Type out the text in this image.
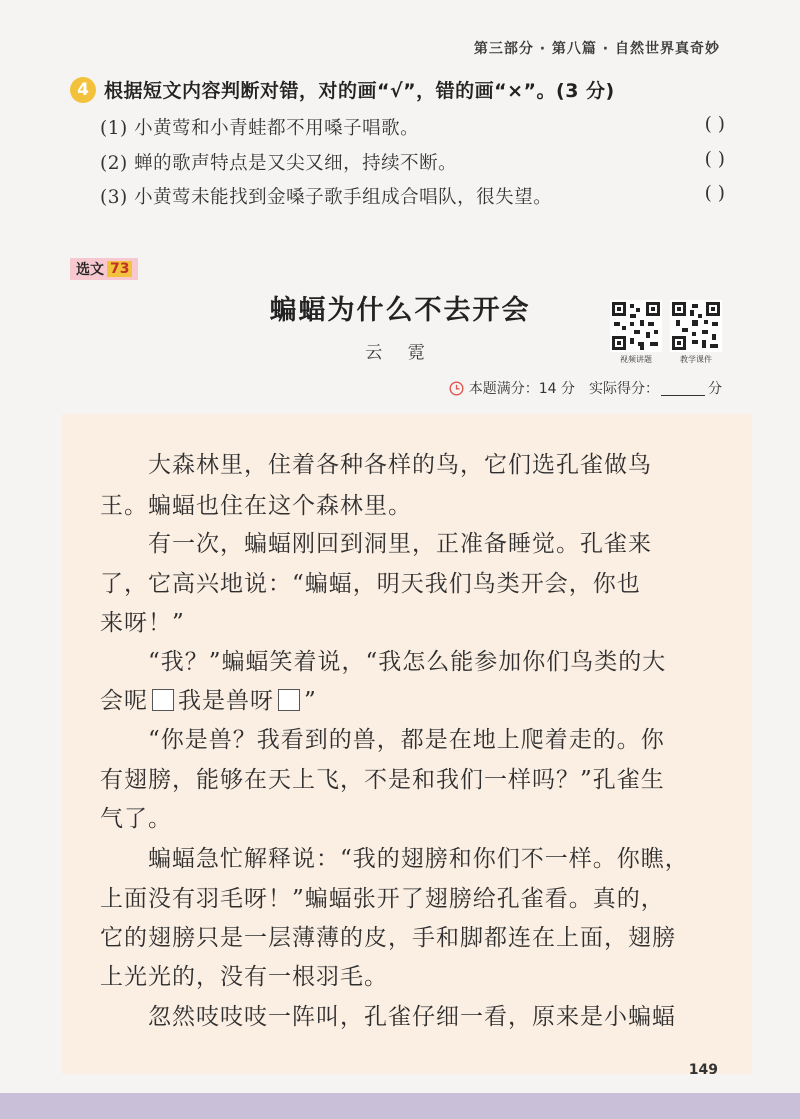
第三部分 · 第八篇 · 自然世界真奇妙
4 根据短文内容判断对错，对的画“√”，错的画“×”。(3 分)
(1) 小黄莺和小青蛙都不用嗓子唱歌。	( )
(2) 蝉的歌声特点是又尖又细，持续不断。	( )
(3) 小黄莺未能找到金嗓子歌手组成合唱队，很失望。	( )
选文 73
蝙蝠为什么不去开会
云 霓	视频讲题	教学课件
本题满分：14 分 实际得分：	分
大森林里，住着各种各样的鸟，它们选孔雀做鸟
王。蝙蝠也住在这个森林里。
有一次，蝙蝠刚回到洞里，正准备睡觉。孔雀来
了，它高兴地说：“蝙蝠，明天我们鸟类开会，你也
来呀！”
“我？”蝙蝠笑着说，“我怎么能参加你们鸟类的大
会呢 我是兽呀 ”
“你是兽？我看到的兽，都是在地上爬着走的。你
有翅膀，能够在天上飞，不是和我们一样吗？”孔雀生
气了。
蝙蝠急忙解释说：“我的翅膀和你们不一样。你瞧，
上面没有羽毛呀！”蝙蝠张开了翅膀给孔雀看。真的，
它的翅膀只是一层薄薄的皮，手和脚都连在上面，翅膀
上光光的，没有一根羽毛。
忽然吱吱吱一阵叫，孔雀仔细一看，原来是小蝙蝠
149
